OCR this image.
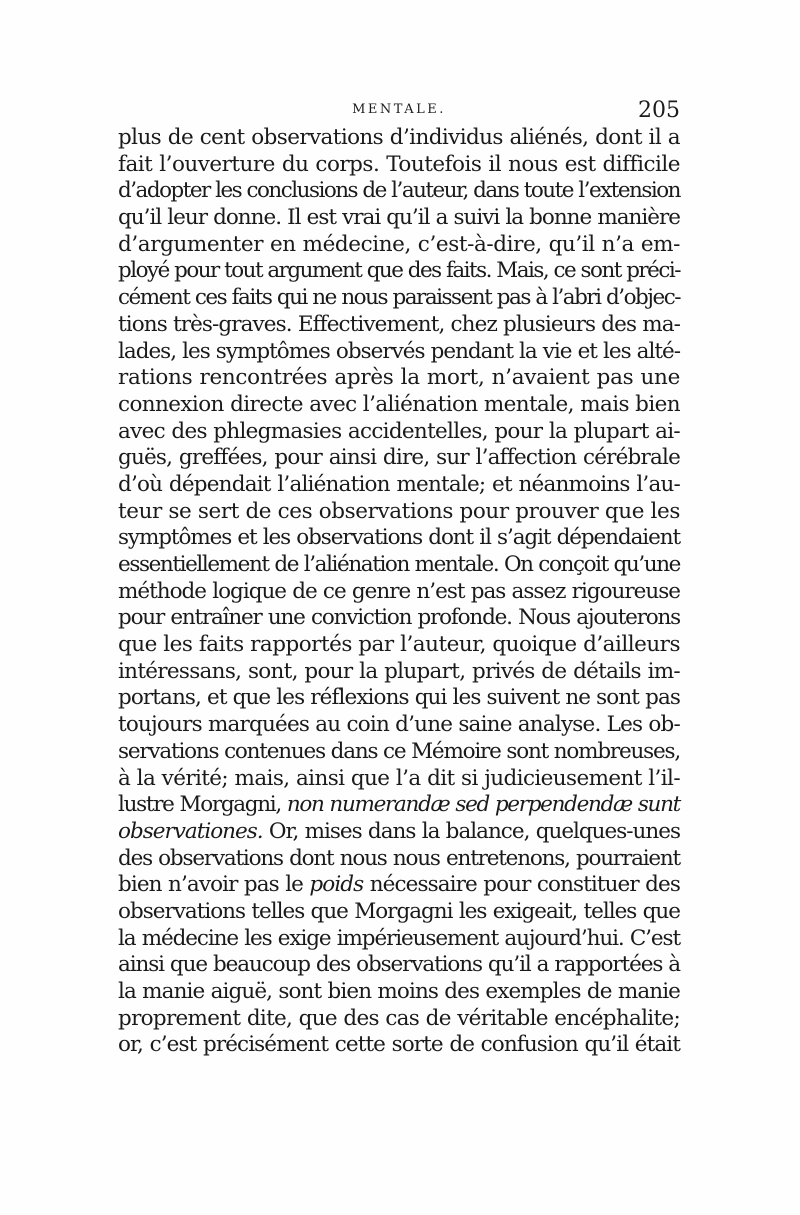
MENTALE.	205
plus de cent observations d’individus aliénés, dont il a
fait l’ouverture du corps. Toutefois il nous est difficile
d’adopter les conclusions de l’auteur, dans toute l’extension
qu’il leur donne. Il est vrai qu’il a suivi la bonne manière
d’argumenter en médecine, c’est-à-dire, qu’il n’a em-
ployé pour tout argument que des faits. Mais, ce sont préci-
cément ces faits qui ne nous paraissent pas à l’abri d’objec-
tions très-graves. Effectivement, chez plusieurs des ma-
lades, les symptômes observés pendant la vie et les alté-
rations rencontrées après la mort, n’avaient pas une
connexion directe avec l’aliénation mentale, mais bien
avec des phlegmasies accidentelles, pour la plupart ai-
guës, greffées, pour ainsi dire, sur l’affection cérébrale
d’où dépendait l’aliénation mentale; et néanmoins l’au-
teur se sert de ces observations pour prouver que les
symptômes et les observations dont il s’agit dépendaient
essentiellement de l’aliénation mentale. On conçoit qu’une
méthode logique de ce genre n’est pas assez rigoureuse
pour entraîner une conviction profonde. Nous ajouterons
que les faits rapportés par l’auteur, quoique d’ailleurs
intéressans, sont, pour la plupart, privés de détails im-
portans, et que les réflexions qui les suivent ne sont pas
toujours marquées au coin d’une saine analyse. Les ob-
servations contenues dans ce Mémoire sont nombreuses,
à la vérité; mais, ainsi que l’a dit si judicieusement l’il-
lustre Morgagni, non numerandæ sed perpendendæ sunt
observationes. Or, mises dans la balance, quelques-unes
des observations dont nous nous entretenons, pourraient
bien n’avoir pas le poids nécessaire pour constituer des
observations telles que Morgagni les exigeait, telles que
la médecine les exige impérieusement aujourd’hui. C’est
ainsi que beaucoup des observations qu’il a rapportées à
la manie aiguë, sont bien moins des exemples de manie
proprement dite, que des cas de véritable encéphalite;
or, c’est précisément cette sorte de confusion qu’il était
